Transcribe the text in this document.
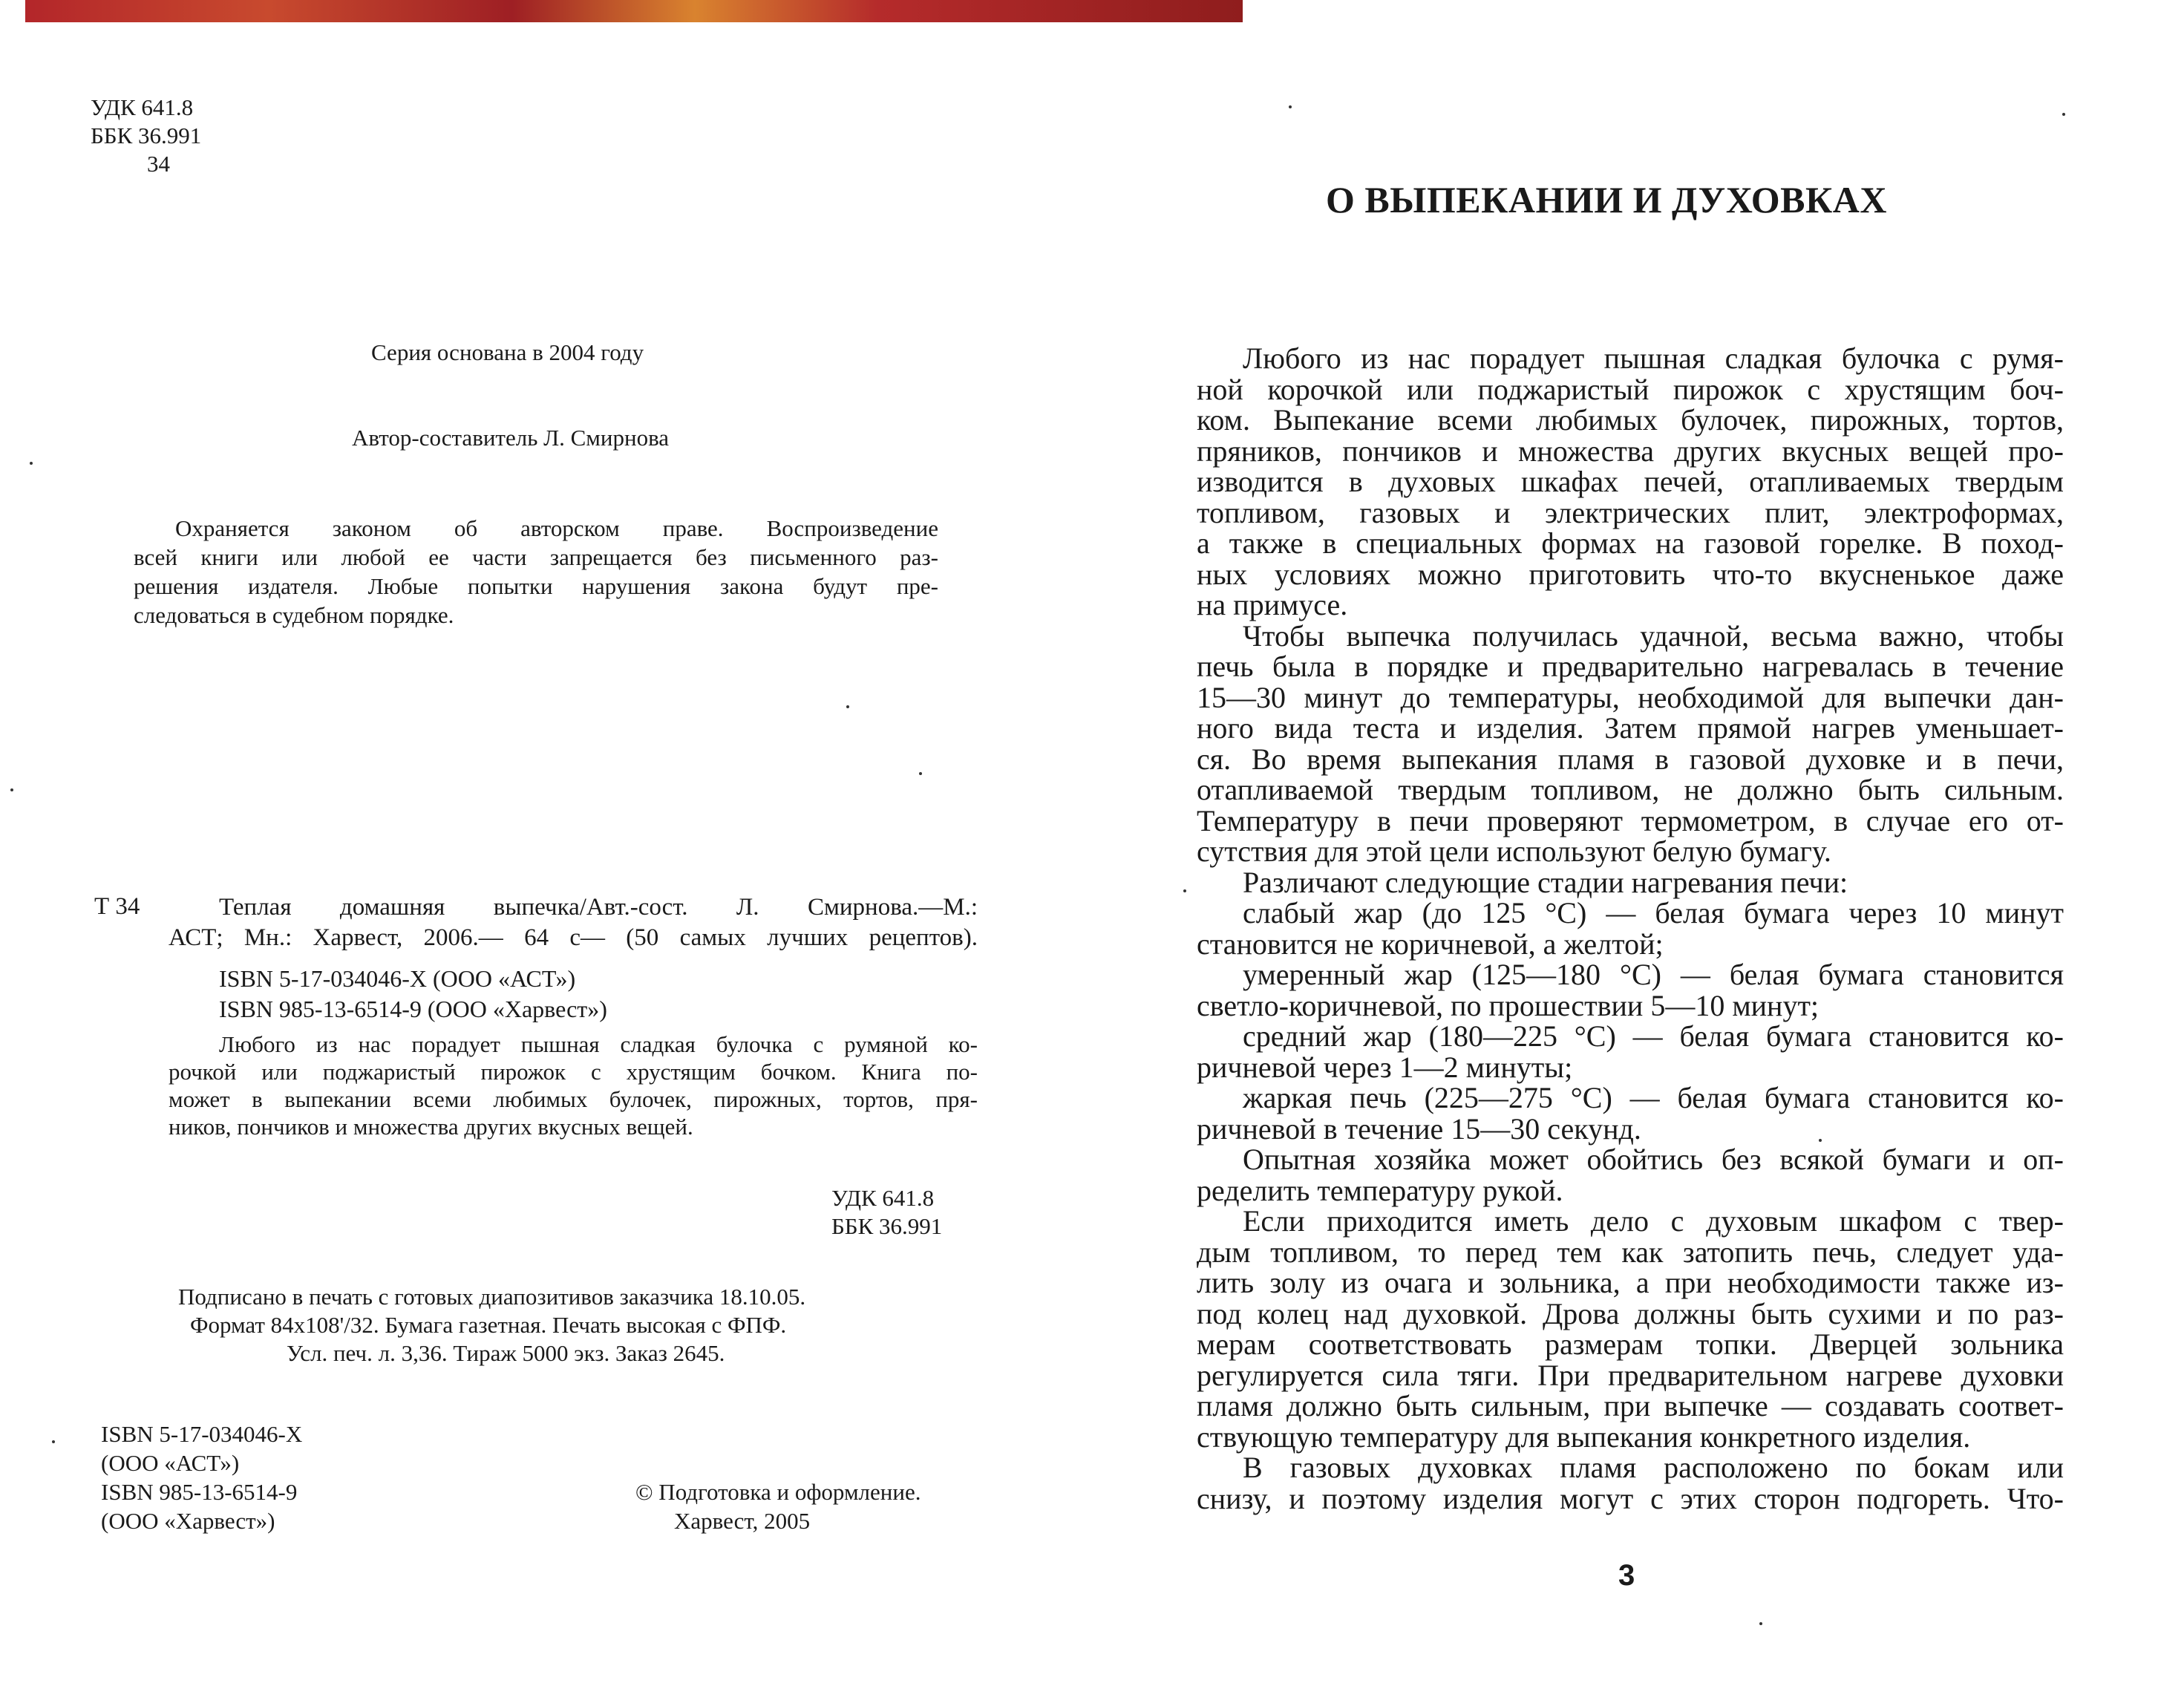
УДК 641.8
ББК 36.991
34
Серия основана в 2004 году
Автор-составитель Л. Смирнова
Охраняется законом об авторском праве. Воспроизведение
всей книги или любой ее части запрещается без письменного раз-
решения издателя. Любые попытки нарушения закона будут пре-
следоваться в судебном порядке.
Т 34	Теплая домашняя выпечка/Авт.-сост. Л. Смирнова.—М.:
АСТ; Мн.: Харвест, 2006.— 64 с— (50 самых лучших рецептов).
ISBN 5-17-034046-Х (ООО «АСТ»)
ISBN 985-13-6514-9 (ООО «Харвест»)
Любого из нас порадует пышная сладкая булочка с румяной ко-
рочкой или поджаристый пирожок с хрустящим бочком. Книга по-
может в выпекании всеми любимых булочек, пирожных, тортов, пря-
ников, пончиков и множества других вкусных вещей.
УДК 641.8
ББК 36.991
Подписано в печать с готовых диапозитивов заказчика 18.10.05.
Формат 84x108'/32. Бумага газетная. Печать высокая с ФПФ.
Усл. печ. л. 3,36. Тираж 5000 экз. Заказ 2645.
ISBN 5-17-034046-Х
(ООО «АСТ»)
ISBN 985-13-6514-9
(ООО «Харвест»)
© Подготовка и оформление.
Харвест, 2005
О ВЫПЕКАНИИ И ДУХОВКАХ
Любого из нас порадует пышная сладкая булочка с румя-
ной корочкой или поджаристый пирожок с хрустящим боч-
ком. Выпекание всеми любимых булочек, пирожных, тортов,
пряников, пончиков и множества других вкусных вещей про-
изводится в духовых шкафах печей, отапливаемых твердым
топливом, газовых и электрических плит, электроформах,
а также в специальных формах на газовой горелке. В поход-
ных условиях можно приготовить что-то вкусненькое даже
на примусе.
Чтобы выпечка получилась удачной, весьма важно, чтобы
печь была в порядке и предварительно нагревалась в течение
15—30 минут до температуры, необходимой для выпечки дан-
ного вида теста и изделия. Затем прямой нагрев уменьшает-
ся. Во время выпекания пламя в газовой духовке и в печи,
отапливаемой твердым топливом, не должно быть сильным.
Температуру в печи проверяют термометром, в случае его от-
сутствия для этой цели используют белую бумагу.
Различают следующие стадии нагревания печи:
слабый жар (до 125 °С) — белая бумага через 10 минут
становится не коричневой, а желтой;
умеренный жар (125—180 °С) — белая бумага становится
светло-коричневой, по прошествии 5—10 минут;
средний жар (180—225 °С) — белая бумага становится ко-
ричневой через 1—2 минуты;
жаркая печь (225—275 °С) — белая бумага становится ко-
ричневой в течение 15—30 секунд.
Опытная хозяйка может обойтись без всякой бумаги и оп-
ределить температуру рукой.
Если приходится иметь дело с духовым шкафом с твер-
дым топливом, то перед тем как затопить печь, следует уда-
лить золу из очага и зольника, а при необходимости также из-
под колец над духовкой. Дрова должны быть сухими и по раз-
мерам соответствовать размерам топки. Дверцей зольника
регулируется сила тяги. При предварительном нагреве духовки
пламя должно быть сильным, при выпечке — создавать соответ-
ствующую температуру для выпекания конкретного изделия.
В газовых духовках пламя расположено по бокам или
снизу, и поэтому изделия могут с этих сторон подгореть. Что-
3
